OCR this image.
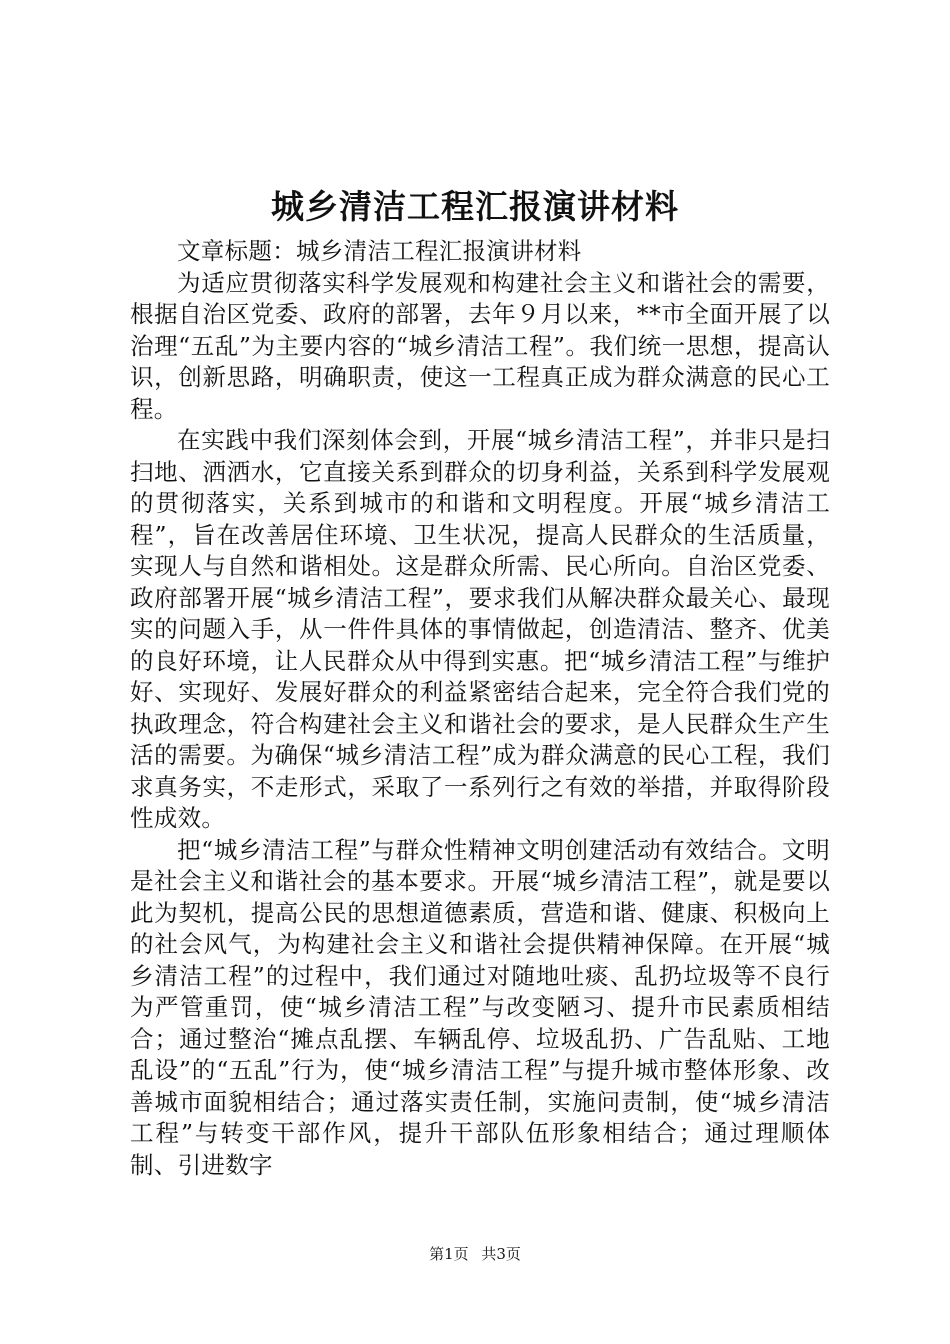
城乡清洁工程汇报演讲材料

文章标题：城乡清洁工程汇报演讲材料

为适应贯彻落实科学发展观和构建社会主义和谐社会的需要，根据自治区党委、政府的部署，去年９月以来，**市全面开展了以治理“五乱”为主要内容的“城乡清洁工程”。我们统一思想，提高认识，创新思路，明确职责，使这一工程真正成为群众满意的民心工程。

在实践中我们深刻体会到，开展“城乡清洁工程”，并非只是扫扫地、洒洒水，它直接关系到群众的切身利益，关系到科学发展观的贯彻落实，关系到城市的和谐和文明程度。开展“城乡清洁工程”，旨在改善居住环境、卫生状况，提高人民群众的生活质量，实现人与自然和谐相处。这是群众所需、民心所向。自治区党委、政府部署开展“城乡清洁工程”，要求我们从解决群众最关心、最现实的问题入手，从一件件具体的事情做起，创造清洁、整齐、优美的良好环境，让人民群众从中得到实惠。把“城乡清洁工程”与维护好、实现好、发展好群众的利益紧密结合起来，完全符合我们党的执政理念，符合构建社会主义和谐社会的要求，是人民群众生产生活的需要。为确保“城乡清洁工程”成为群众满意的民心工程，我们求真务实，不走形式，采取了一系列行之有效的举措，并取得阶段性成效。

把“城乡清洁工程”与群众性精神文明创建活动有效结合。文明是社会主义和谐社会的基本要求。开展“城乡清洁工程”，就是要以此为契机，提高公民的思想道德素质，营造和谐、健康、积极向上的社会风气，为构建社会主义和谐社会提供精神保障。在开展“城乡清洁工程”的过程中，我们通过对随地吐痰、乱扔垃圾等不良行为严管重罚，使“城乡清洁工程”与改变陋习、提升市民素质相结合；通过整治“摊点乱摆、车辆乱停、垃圾乱扔、广告乱贴、工地乱设”的“五乱”行为，使“城乡清洁工程”与提升城市整体形象、改善城市面貌相结合；通过落实责任制，实施问责制，使“城乡清洁工程”与转变干部作风，提升干部队伍形象相结合；通过理顺体制、引进数字

第1页 共3页
